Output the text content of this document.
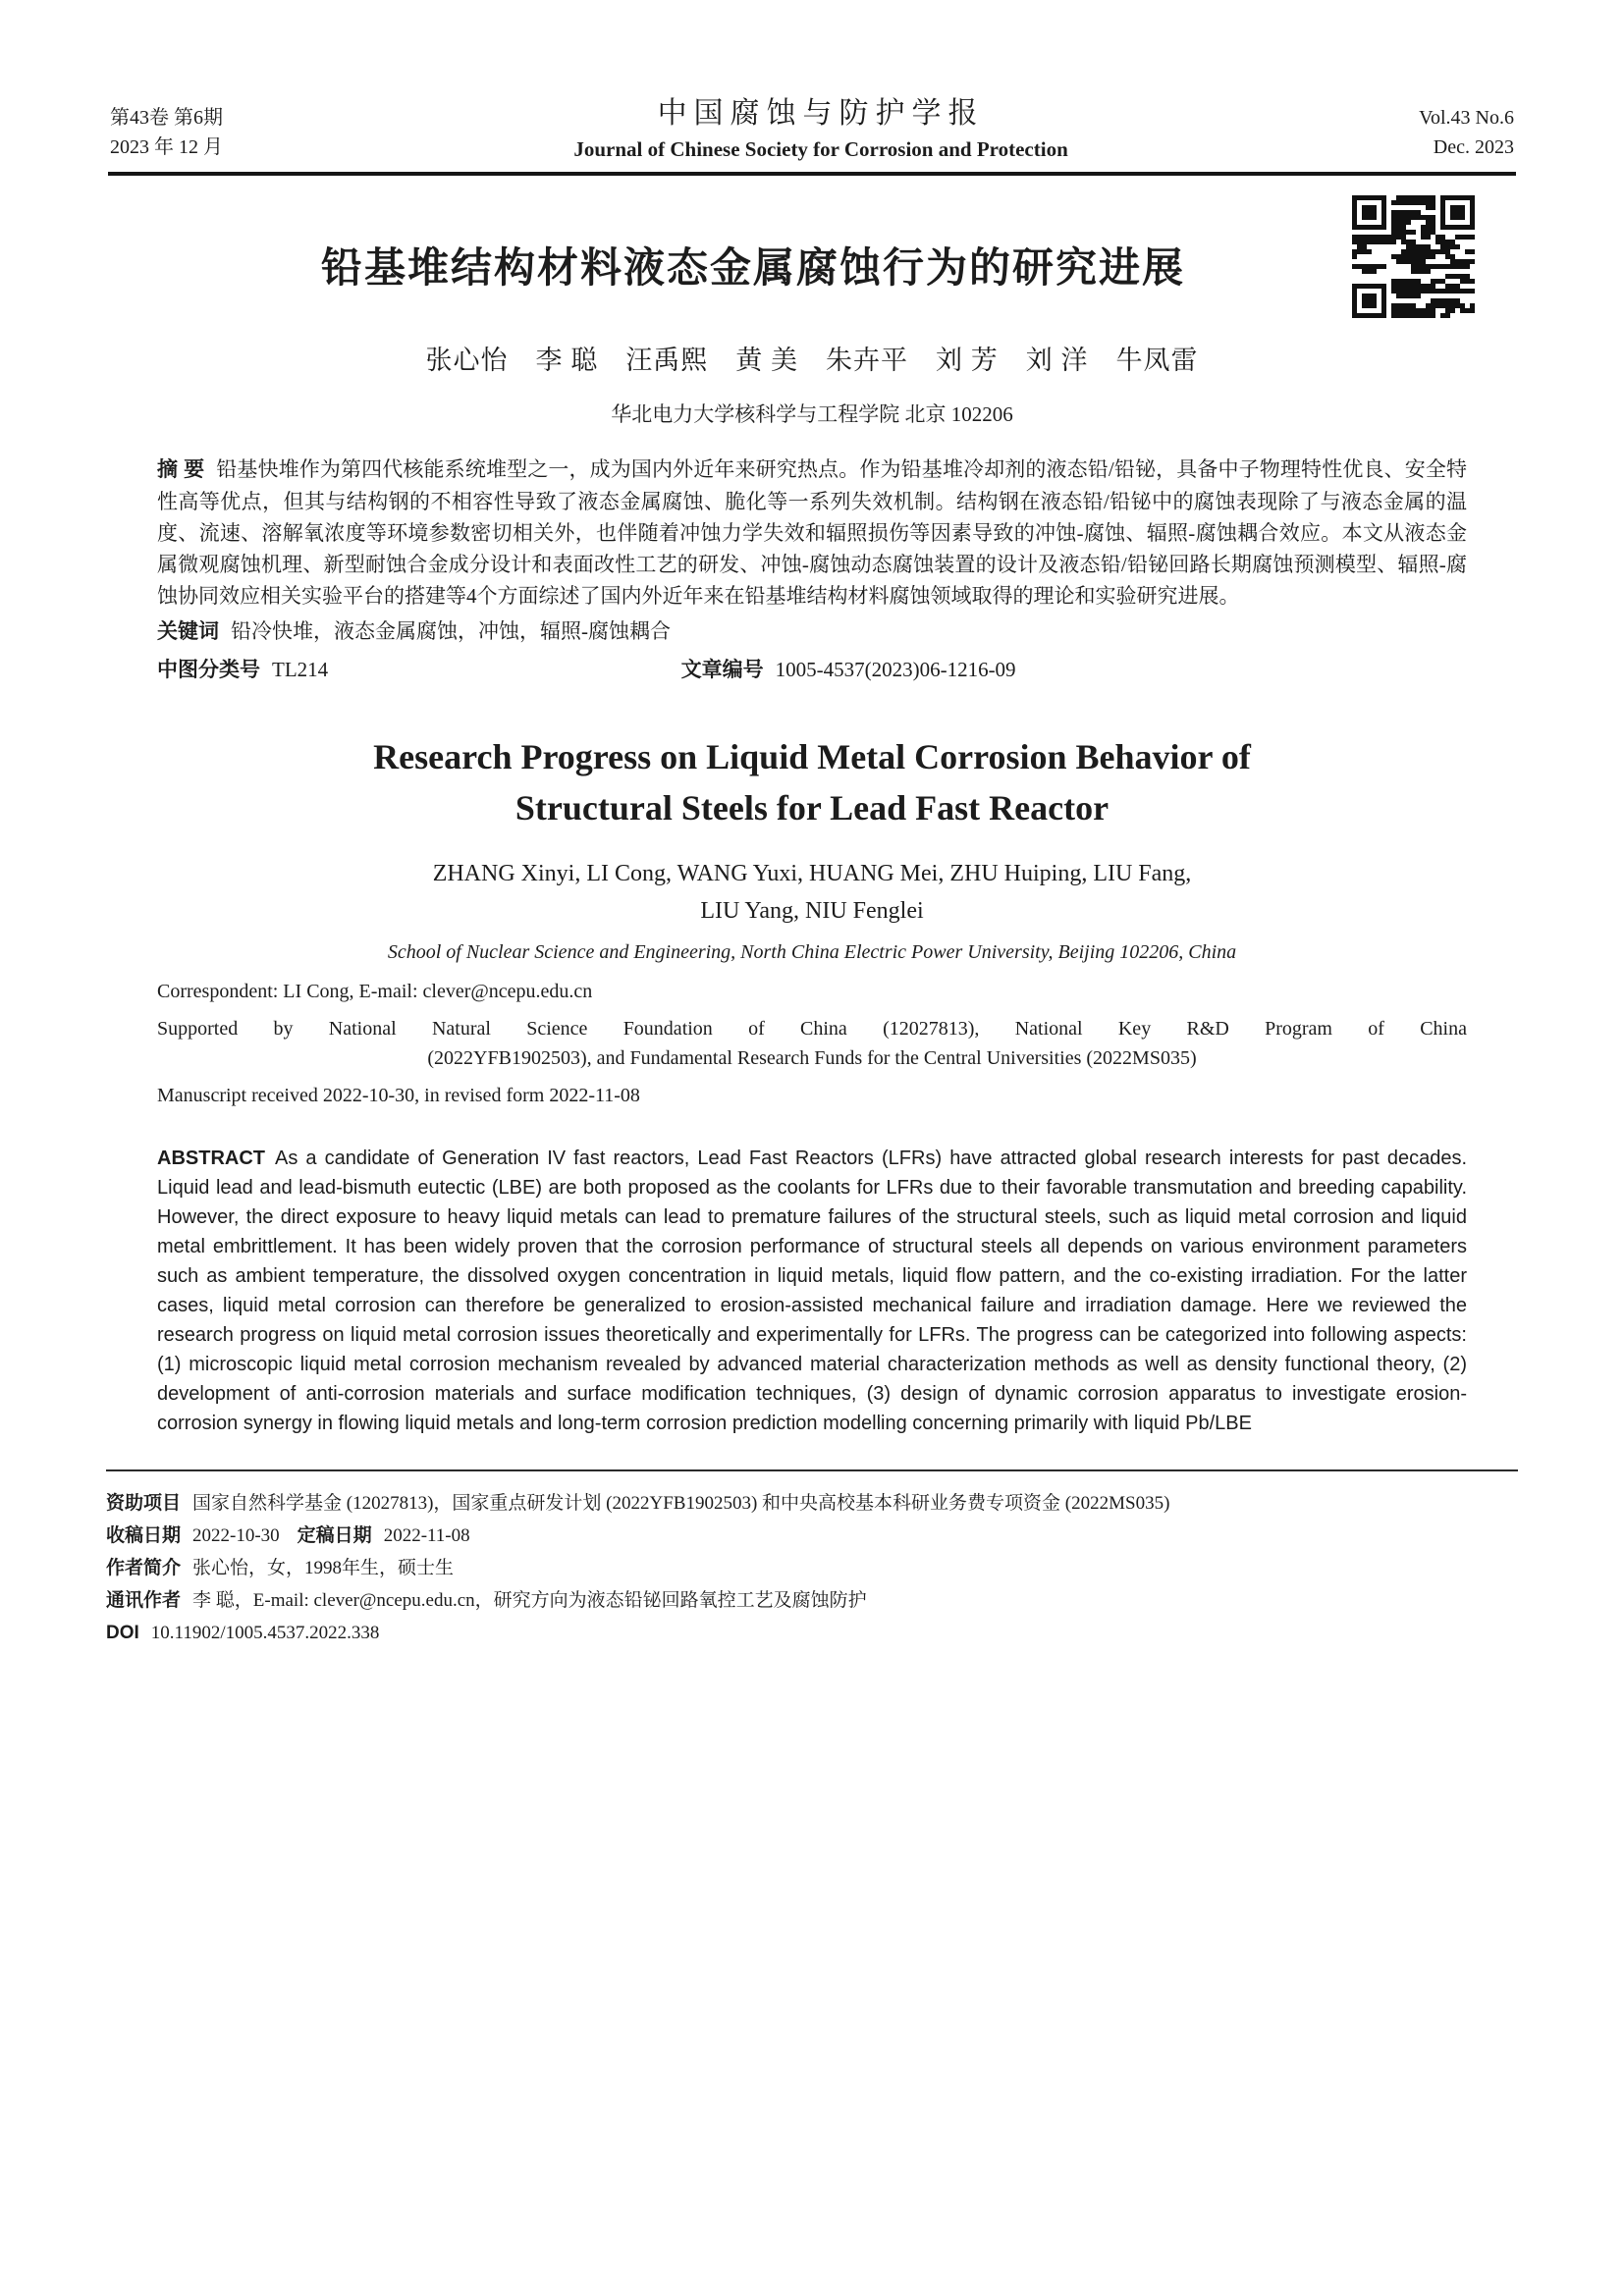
第43卷 第6期
2023 年 12 月
中国腐蚀与防护学报
Journal of Chinese Society for Corrosion and Protection
Vol.43 No.6
Dec. 2023
铅基堆结构材料液态金属腐蚀行为的研究进展
张心怡　李 聪　汪禹熙　黄 美　朱卉平　刘 芳　刘 洋　牛凤雷
华北电力大学核科学与工程学院 北京 102206

摘 要 铅基快堆作为第四代核能系统堆型之一，成为国内外近年来研究热点。作为铅基堆冷却剂的液态铅/铅铋，具备中子物理特性优良、安全特性高等优点，但其与结构钢的不相容性导致了液态金属腐蚀、脆化等一系列失效机制。结构钢在液态铅/铅铋中的腐蚀表现除了与液态金属的温度、流速、溶解氧浓度等环境参数密切相关外，也伴随着冲蚀力学失效和辐照损伤等因素导致的冲蚀-腐蚀、辐照-腐蚀耦合效应。本文从液态金属微观腐蚀机理、新型耐蚀合金成分设计和表面改性工艺的研发、冲蚀-腐蚀动态腐蚀装置的设计及液态铅/铅铋回路长期腐蚀预测模型、辐照-腐蚀协同效应相关实验平台的搭建等4个方面综述了国内外近年来在铅基堆结构材料腐蚀领域取得的理论和实验研究进展。

关键词 铅冷快堆，液态金属腐蚀，冲蚀，辐照-腐蚀耦合

中图分类号 TL214	文章编号 1005-4537(2023)06-1216-09
Research Progress on Liquid Metal Corrosion Behavior of
Structural Steels for Lead Fast Reactor
ZHANG Xinyi, LI Cong, WANG Yuxi, HUANG Mei, ZHU Huiping, LIU Fang,
LIU Yang, NIU Fenglei
School of Nuclear Science and Engineering, North China Electric Power University, Beijing 102206, China
Correspondent: LI Cong, E-mail: clever@ncepu.edu.cn
Supported by National Natural Science Foundation of China (12027813), National Key R&D Program of China
(2022YFB1902503), and Fundamental Research Funds for the Central Universities (2022MS035)
Manuscript received 2022-10-30, in revised form 2022-11-08

ABSTRACT As a candidate of Generation IV fast reactors, Lead Fast Reactors (LFRs) have attracted global research interests for past decades. Liquid lead and lead-bismuth eutectic (LBE) are both proposed as the coolants for LFRs due to their favorable transmutation and breeding capability. However, the direct exposure to heavy liquid metals can lead to premature failures of the structural steels, such as liquid metal corrosion and liquid metal embrittlement. It has been widely proven that the corrosion performance of structural steels all depends on various environment parameters such as ambient temperature, the dissolved oxygen concentration in liquid metals, liquid flow pattern, and the co-existing irradiation. For the latter cases, liquid metal corrosion can therefore be generalized to erosion-assisted mechanical failure and irradiation damage. Here we reviewed the research progress on liquid metal corrosion issues theoretically and experimentally for LFRs. The progress can be categorized into following aspects: (1) microscopic liquid metal corrosion mechanism revealed by advanced material characterization methods as well as density functional theory, (2) development of anti-corrosion materials and surface modification techniques, (3) design of dynamic corrosion apparatus to investigate erosion-corrosion synergy in flowing liquid metals and long-term corrosion prediction modelling concerning primarily with liquid Pb/LBE

资助项目 国家自然科学基金 (12027813)，国家重点研发计划 (2022YFB1902503) 和中央高校基本科研业务费专项资金 (2022MS035)
收稿日期 2022-10-30 定稿日期 2022-11-08
作者简介 张心怡，女，1998年生，硕士生
通讯作者 李 聪，E-mail: clever@ncepu.edu.cn，研究方向为液态铅铋回路氧控工艺及腐蚀防护
DOI 10.11902/1005.4537.2022.338
